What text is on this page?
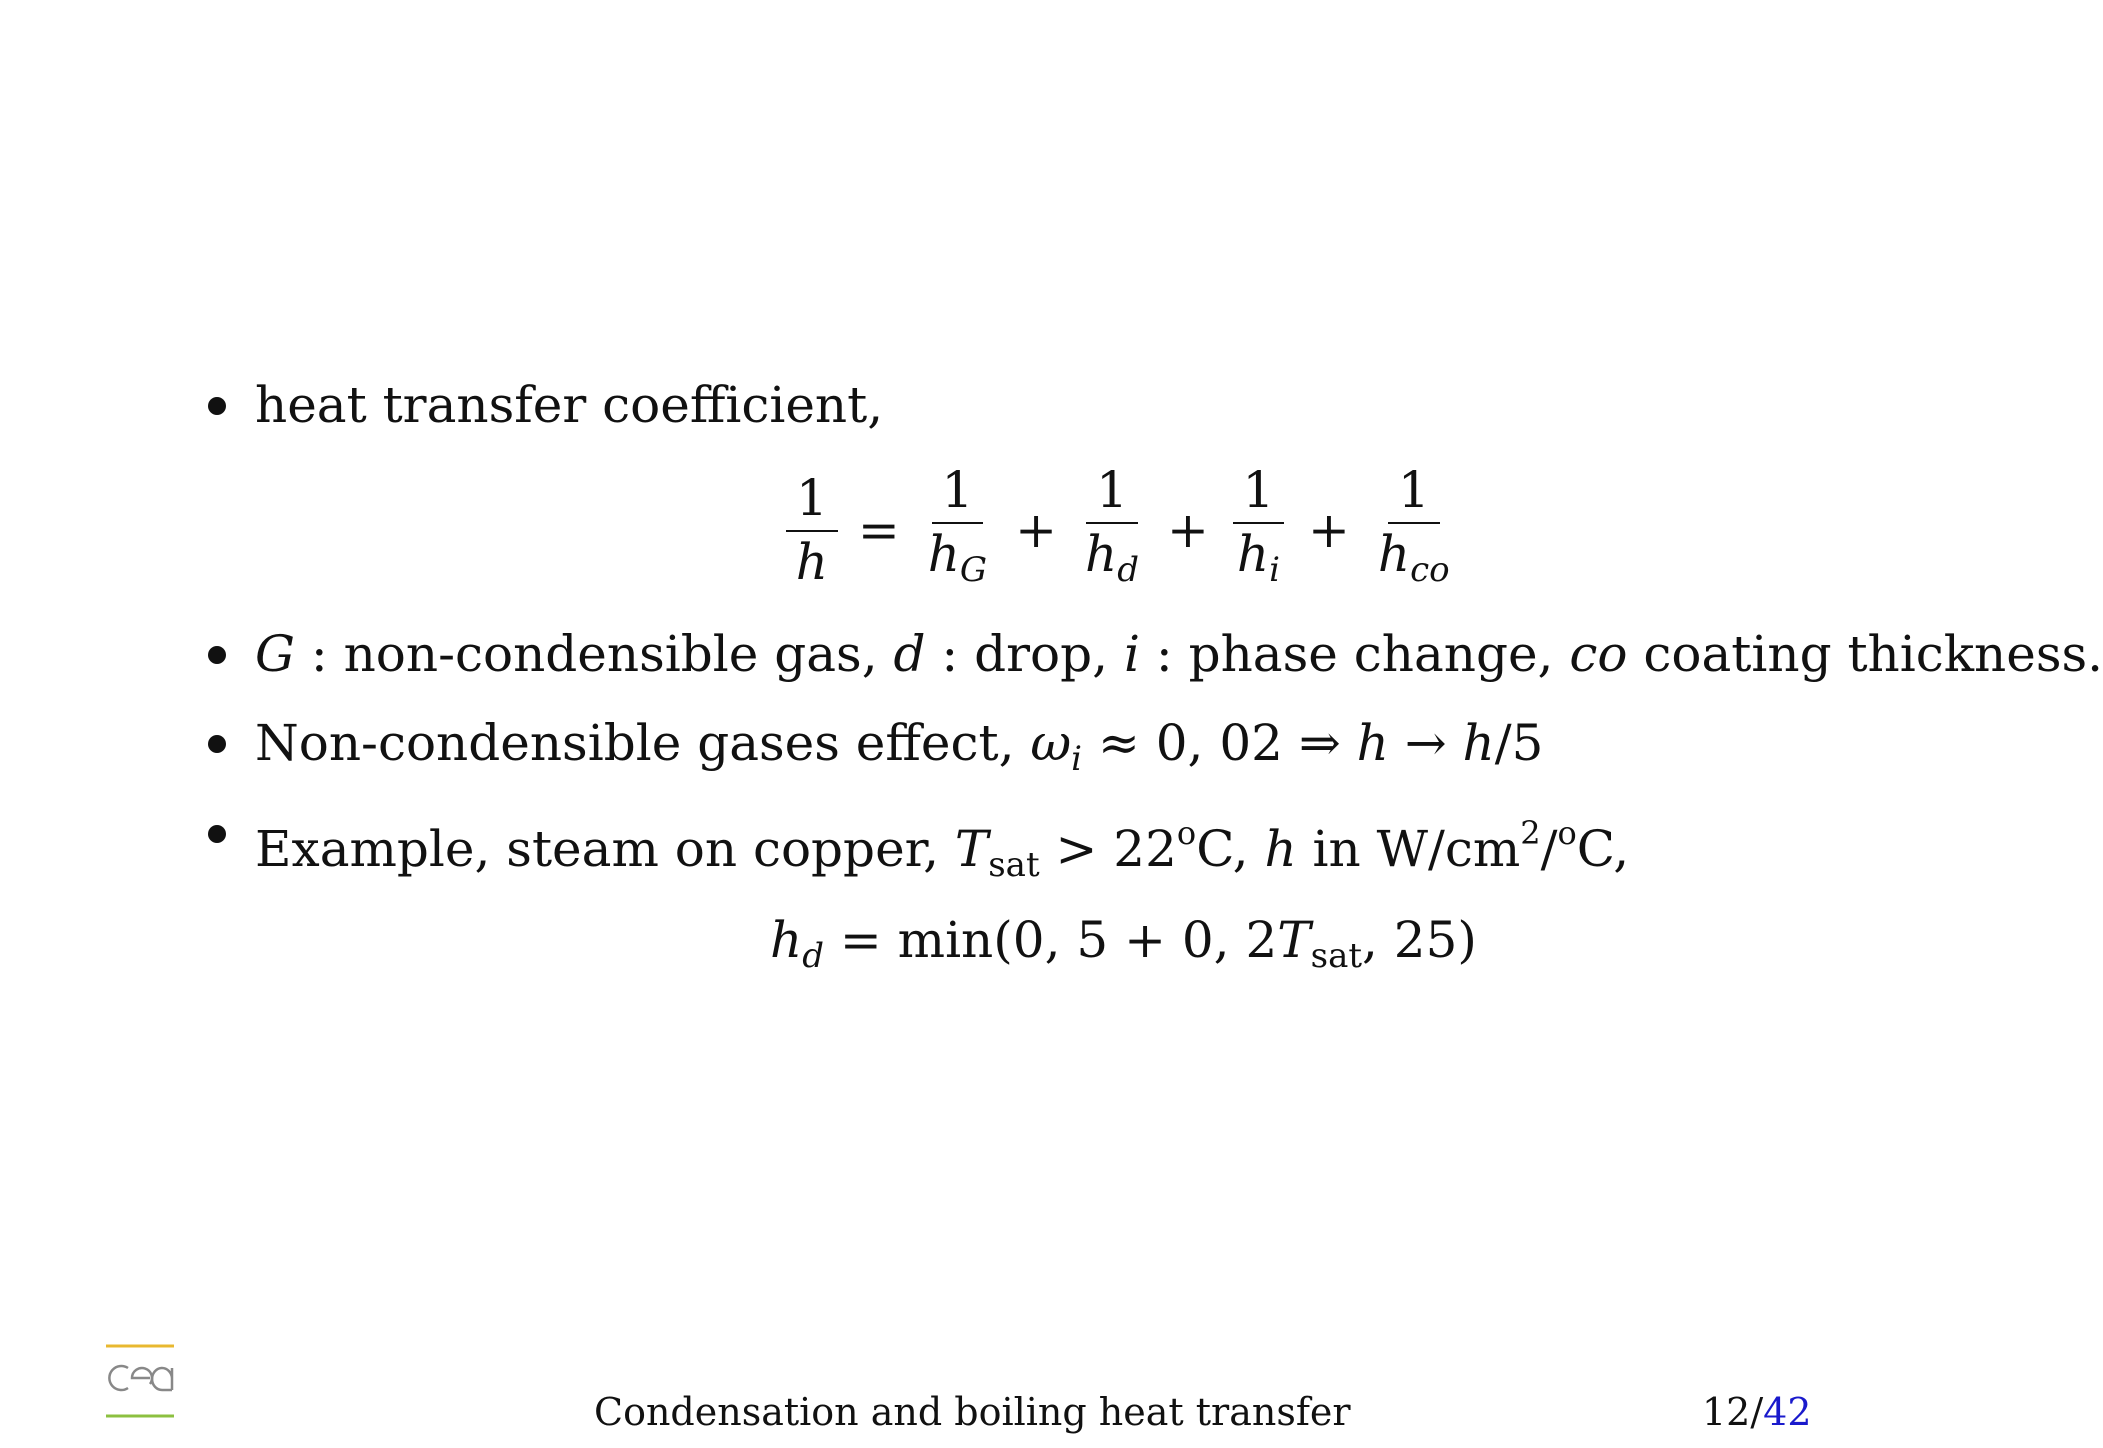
heat transfer coefficient,
$\frac{1}{h} = \frac{1}{h_G} + \frac{1}{h_d} + \frac{1}{h_i} + \frac{1}{h_{co}}$
G : non-condensible gas, d : drop, i : phase change, co coating thickness.
Non-condensible gases effect, $\omega_i \approx 0$, 02 ⇒ h → h/5
Example, steam on copper, $T_{sat} > 22^oC$, h in $W/cm^2/^oC$,
$h_d = \min(0$, 5 + 0, $2T_{sat}$, 25)
Condensation and boiling heat transfer	12/42
